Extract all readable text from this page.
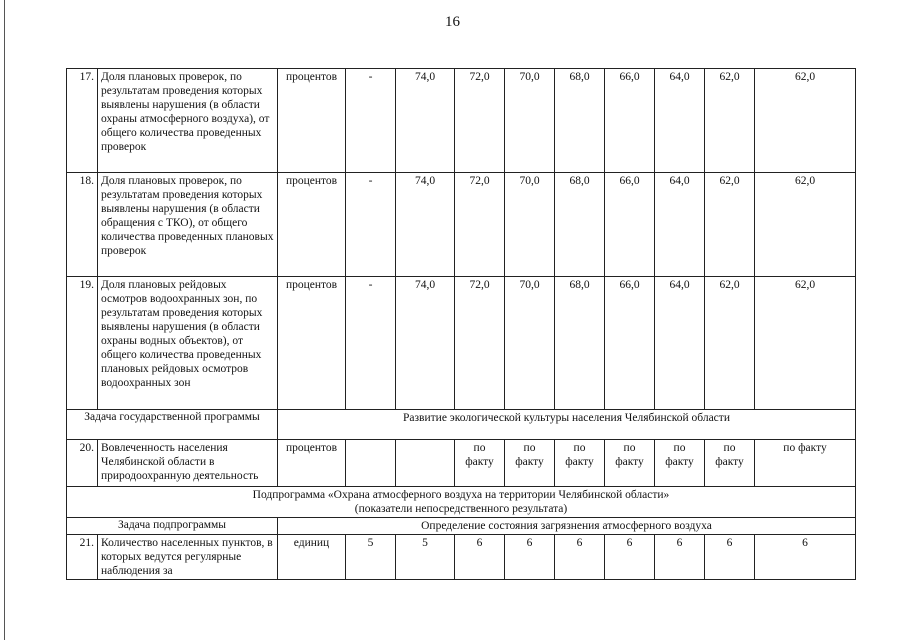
16
17.	Доля плановых проверок, по результатам проведения которых выявлены нарушения (в области охраны атмосферного воздуха), от общего количества проведенных проверок	процентов	-	74,0	72,0	70,0	68,0	66,0	64,0	62,0	62,0
18.	Доля плановых проверок, по результатам проведения которых выявлены нарушения (в области обращения с ТКО), от общего количества проведенных плановых проверок	процентов	-	74,0	72,0	70,0	68,0	66,0	64,0	62,0	62,0
19.	Доля плановых рейдовых осмотров водоохранных зон, по результатам проведения которых выявлены нарушения (в области охраны водных объектов), от общего количества проведенных плановых рейдовых осмотров водоохранных зон	процентов	-	74,0	72,0	70,0	68,0	66,0	64,0	62,0	62,0
Задача государственной программы		Развитие экологической культуры населения Челябинской области									
20.	Вовлеченность населения Челябинской области в природоохранную деятельность	процентов			по факту	по факту	по факту	по факту	по факту	по факту	по факту

Подпрограмма «Охрана атмосферного воздуха на территории Челябинской области»
(показатели непосредственного результата)											

Задача подпрограммы		Определение состояния загрязнения атмосферного воздуха									
21.	Количество населенных пунктов, в которых ведутся регулярные наблюдения за	единиц	5	5	6	6	6	6	6	6	6
